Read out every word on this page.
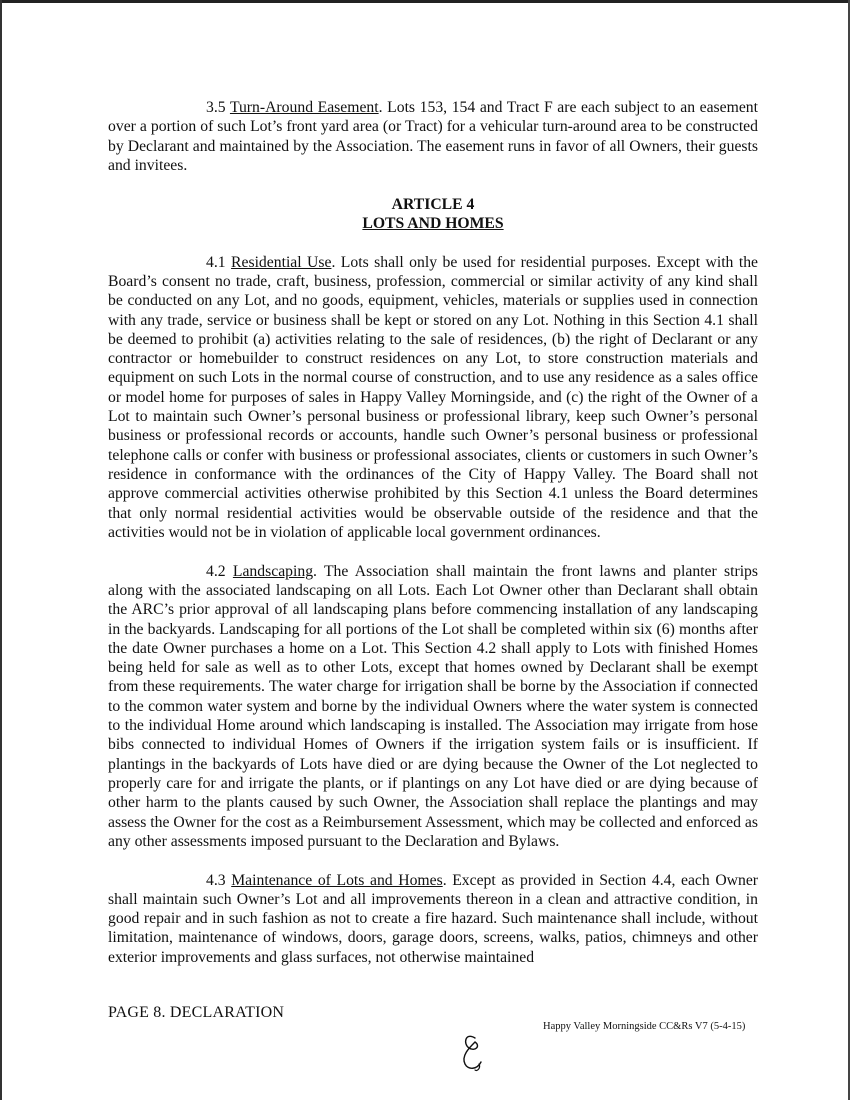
3.5 Turn-Around Easement. Lots 153, 154 and Tract F are each subject to an easement over a portion of such Lot’s front yard area (or Tract) for a vehicular turn-around area to be constructed by Declarant and maintained by the Association. The easement runs in favor of all Owners, their guests and invitees.

ARTICLE 4
LOTS AND HOMES

4.1 Residential Use. Lots shall only be used for residential purposes. Except with the Board’s consent no trade, craft, business, profession, commercial or similar activity of any kind shall be conducted on any Lot, and no goods, equipment, vehicles, materials or supplies used in connection with any trade, service or business shall be kept or stored on any Lot. Nothing in this Section 4.1 shall be deemed to prohibit (a) activities relating to the sale of residences, (b) the right of Declarant or any contractor or homebuilder to construct residences on any Lot, to store construction materials and equipment on such Lots in the normal course of construction, and to use any residence as a sales office or model home for purposes of sales in Happy Valley Morningside, and (c) the right of the Owner of a Lot to maintain such Owner’s personal business or professional library, keep such Owner’s personal business or professional records or accounts, handle such Owner’s personal business or professional telephone calls or confer with business or professional associates, clients or customers in such Owner’s residence in conformance with the ordinances of the City of Happy Valley. The Board shall not approve commercial activities otherwise prohibited by this Section 4.1 unless the Board determines that only normal residential activities would be observable outside of the residence and that the activities would not be in violation of applicable local government ordinances.

4.2 Landscaping. The Association shall maintain the front lawns and planter strips along with the associated landscaping on all Lots. Each Lot Owner other than Declarant shall obtain the ARC’s prior approval of all landscaping plans before commencing installation of any landscaping in the backyards. Landscaping for all portions of the Lot shall be completed within six (6) months after the date Owner purchases a home on a Lot. This Section 4.2 shall apply to Lots with finished Homes being held for sale as well as to other Lots, except that homes owned by Declarant shall be exempt from these requirements. The water charge for irrigation shall be borne by the Association if connected to the common water system and borne by the individual Owners where the water system is connected to the individual Home around which landscaping is installed. The Association may irrigate from hose bibs connected to individual Homes of Owners if the irrigation system fails or is insufficient. If plantings in the backyards of Lots have died or are dying because the Owner of the Lot neglected to properly care for and irrigate the plants, or if plantings on any Lot have died or are dying because of other harm to the plants caused by such Owner, the Association shall replace the plantings and may assess the Owner for the cost as a Reimbursement Assessment, which may be collected and enforced as any other assessments imposed pursuant to the Declaration and Bylaws.

4.3 Maintenance of Lots and Homes. Except as provided in Section 4.4, each Owner shall maintain such Owner’s Lot and all improvements thereon in a clean and attractive condition, in good repair and in such fashion as not to create a fire hazard. Such maintenance shall include, without limitation, maintenance of windows, doors, garage doors, screens, walks, patios, chimneys and other exterior improvements and glass surfaces, not otherwise maintained

PAGE 8. DECLARATION
Happy Valley Morningside CC&Rs V7 (5-4-15)
